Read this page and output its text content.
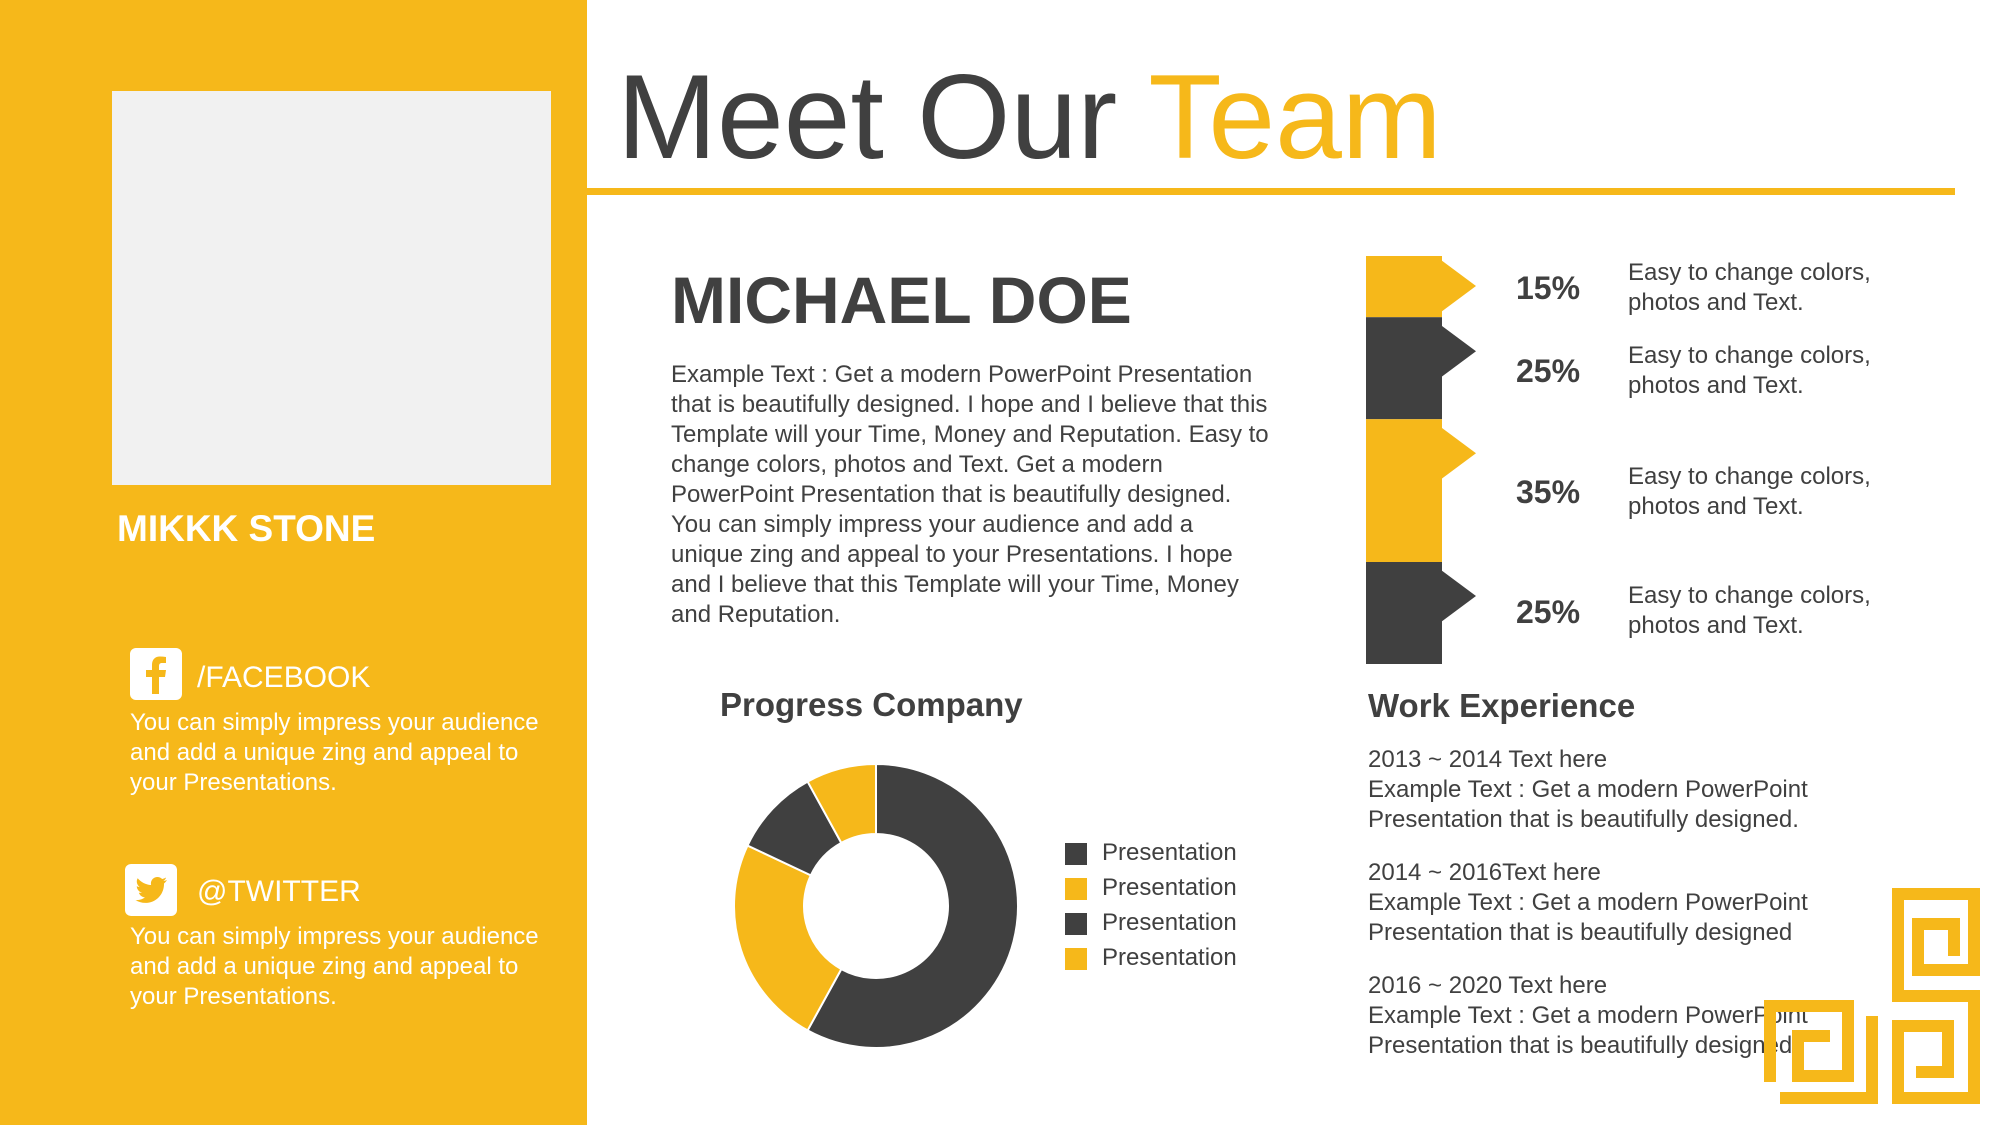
MIKKK STONE
/FACEBOOK
You can simply impress your audience and add a unique zing and appeal to your Presentations.
@TWITTER
You can simply impress your audience and add a unique zing and appeal to your Presentations.
Meet Our Team
MICHAEL DOE
Example Text : Get a modern PowerPoint Presentation that is beautifully designed. I hope and I believe that this Template will your Time, Money and Reputation. Easy to change colors, photos and Text. Get a modern PowerPoint Presentation that is beautifully designed. You can simply impress your audience and add a unique zing and appeal to your Presentations. I hope and I believe that this Template will your Time, Money and Reputation.
Progress Company
Presentation
Presentation
Presentation
Presentation
15% Easy to change colors, photos and Text.
25% Easy to change colors, photos and Text.
35% Easy to change colors, photos and Text.
25% Easy to change colors, photos and Text.
Work Experience
2013 ~ 2014 Text here
Example Text : Get a modern PowerPoint
Presentation that is beautifully designed.
2014 ~ 2016Text here
Example Text : Get a modern PowerPoint
Presentation that is beautifully designed
2016 ~ 2020 Text here
Example Text : Get a modern PowerPoint
Presentation that is beautifully designed.
